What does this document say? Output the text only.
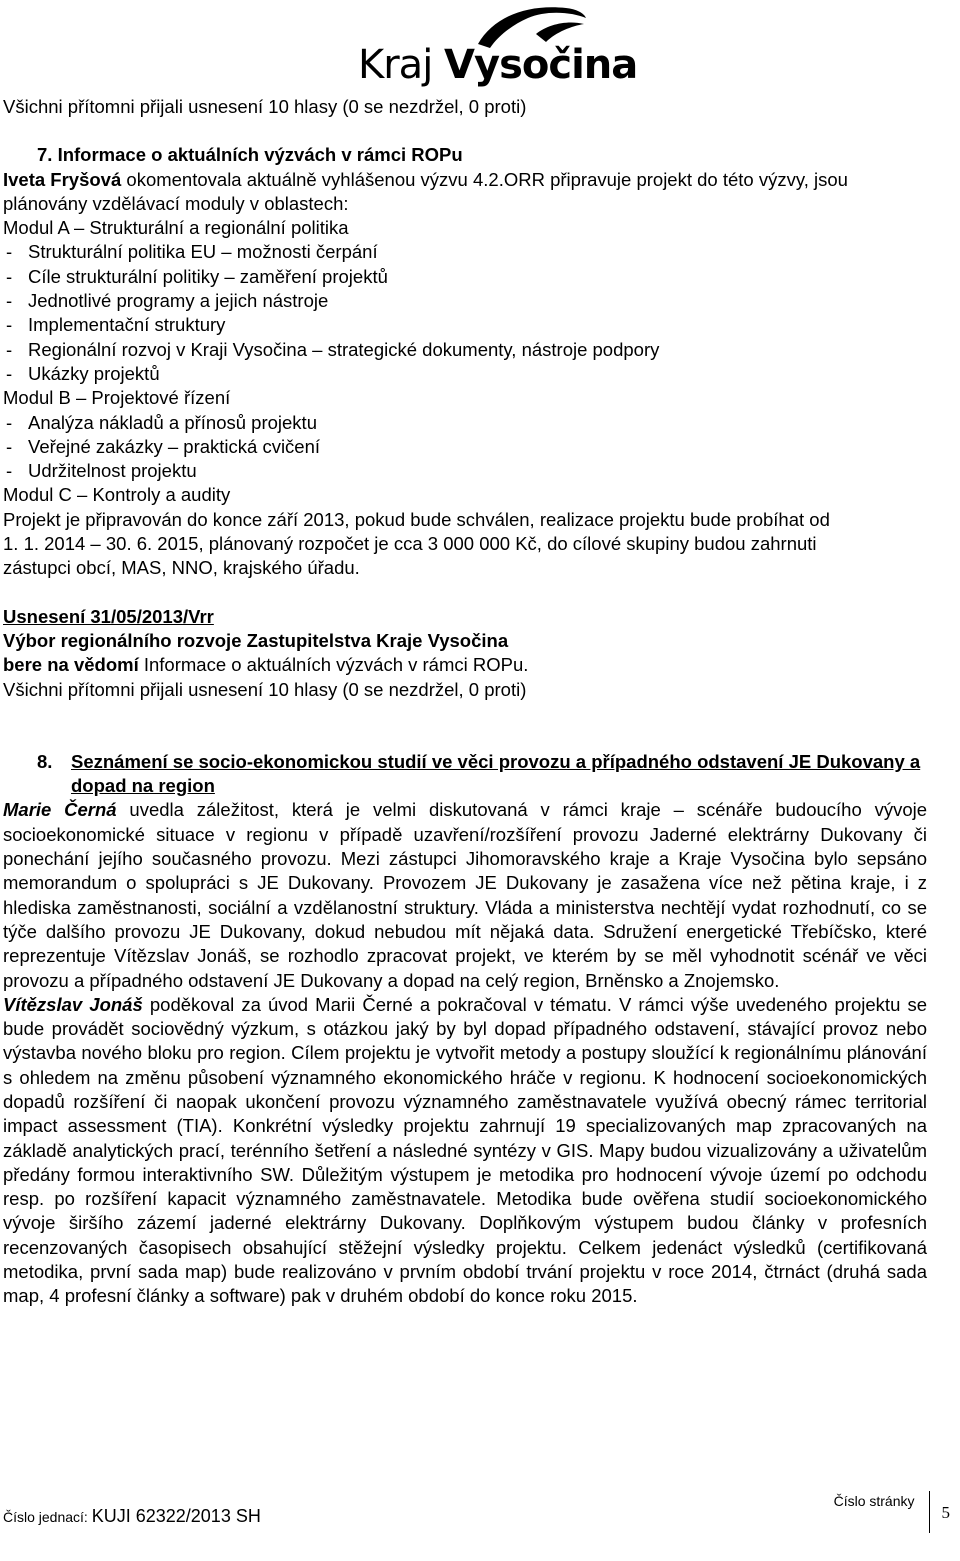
Kraj Vysočina

Všichni přítomni přijali usnesení 10 hlasy (0 se nezdržel, 0 proti)

7. Informace o aktuálních výzvách v rámci ROPu

Iveta Fryšová okomentovala aktuálně vyhlášenou výzvu 4.2.ORR připravuje projekt do této výzvy, jsou plánovány vzdělávací moduly v oblastech:

Modul A – Strukturální a regionální politika

- Strukturální politika EU – možnosti čerpání
- Cíle strukturální politiky – zaměření projektů
- Jednotlivé programy a jejich nástroje
- Implementační struktury
- Regionální rozvoj v Kraji Vysočina – strategické dokumenty, nástroje podpory
- Ukázky projektů

Modul B – Projektové řízení

- Analýza nákladů a přínosů projektu
- Veřejné zakázky – praktická cvičení
- Udržitelnost projektu

Modul C – Kontroly a audity

Projekt je připravován do konce září 2013, pokud bude schválen, realizace projektu bude probíhat od 1. 1. 2014 – 30. 6. 2015, plánovaný rozpočet je cca 3 000 000 Kč, do cílové skupiny budou zahrnuti zástupci obcí, MAS, NNO, krajského úřadu.

Usnesení 31/05/2013/Vrr

Výbor regionálního rozvoje Zastupitelstva Kraje Vysočina

bere na vědomí Informace o aktuálních výzvách v rámci ROPu.

Všichni přítomni přijali usnesení 10 hlasy (0 se nezdržel, 0 proti)

8.	Seznámení se socio-ekonomickou studií ve věci provozu a případného odstavení JE Dukovany a dopad na region

Marie Černá uvedla záležitost, která je velmi diskutovaná v rámci kraje – scénáře budoucího vývoje socioekonomické situace v regionu v případě uzavření/rozšíření provozu Jaderné elektrárny Dukovany či ponechání jejího současného provozu. Mezi zástupci Jihomoravského kraje a Kraje Vysočina bylo sepsáno memorandum o spolupráci s JE Dukovany. Provozem JE Dukovany je zasažena více než pětina kraje, i z hlediska zaměstnanosti, sociální a vzdělanostní struktury. Vláda a ministerstva nechtějí vydat rozhodnutí, co se týče dalšího provozu JE Dukovany, dokud nebudou mít nějaká data. Sdružení energetické Třebíčsko, které reprezentuje Vítězslav Jonáš, se rozhodlo zpracovat projekt, ve kterém by se měl vyhodnotit scénář ve věci provozu a případného odstavení JE Dukovany a dopad na celý region, Brněnsko a Znojemsko.

Vítězslav Jonáš poděkoval za úvod Marii Černé a pokračoval v tématu. V rámci výše uvedeného projektu se bude provádět sociovědný výzkum, s otázkou jaký by byl dopad případného odstavení, stávající provoz nebo výstavba nového bloku pro region. Cílem projektu je vytvořit metody a postupy sloužící k regionálnímu plánování s ohledem na změnu působení významného ekonomického hráče v regionu. K hodnocení socioekonomických dopadů rozšíření či naopak ukončení provozu významného zaměstnavatele využívá obecný rámec territorial impact assessment (TIA). Konkrétní výsledky projektu zahrnují 19 specializovaných map zpracovaných na základě analytických prací, terénního šetření a následné syntézy v GIS. Mapy budou vizualizovány a uživatelům předány formou interaktivního SW. Důležitým výstupem je metodika pro hodnocení vývoje území po odchodu resp. po rozšíření kapacit významného zaměstnavatele. Metodika bude ověřena studií socioekonomického vývoje širšího zázemí jaderné elektrárny Dukovany. Doplňkovým výstupem budou články v profesních recenzovaných časopisech obsahující stěžejní výsledky projektu. Celkem jedenáct výsledků (certifikovaná metodika, první sada map) bude realizováno v prvním období trvání projektu v roce 2014, čtrnáct (druhá sada map, 4 profesní články a software) pak v druhém období do konce roku 2015.

Číslo jednací: KUJI 62322/2013 SH
Číslo stránky
5
